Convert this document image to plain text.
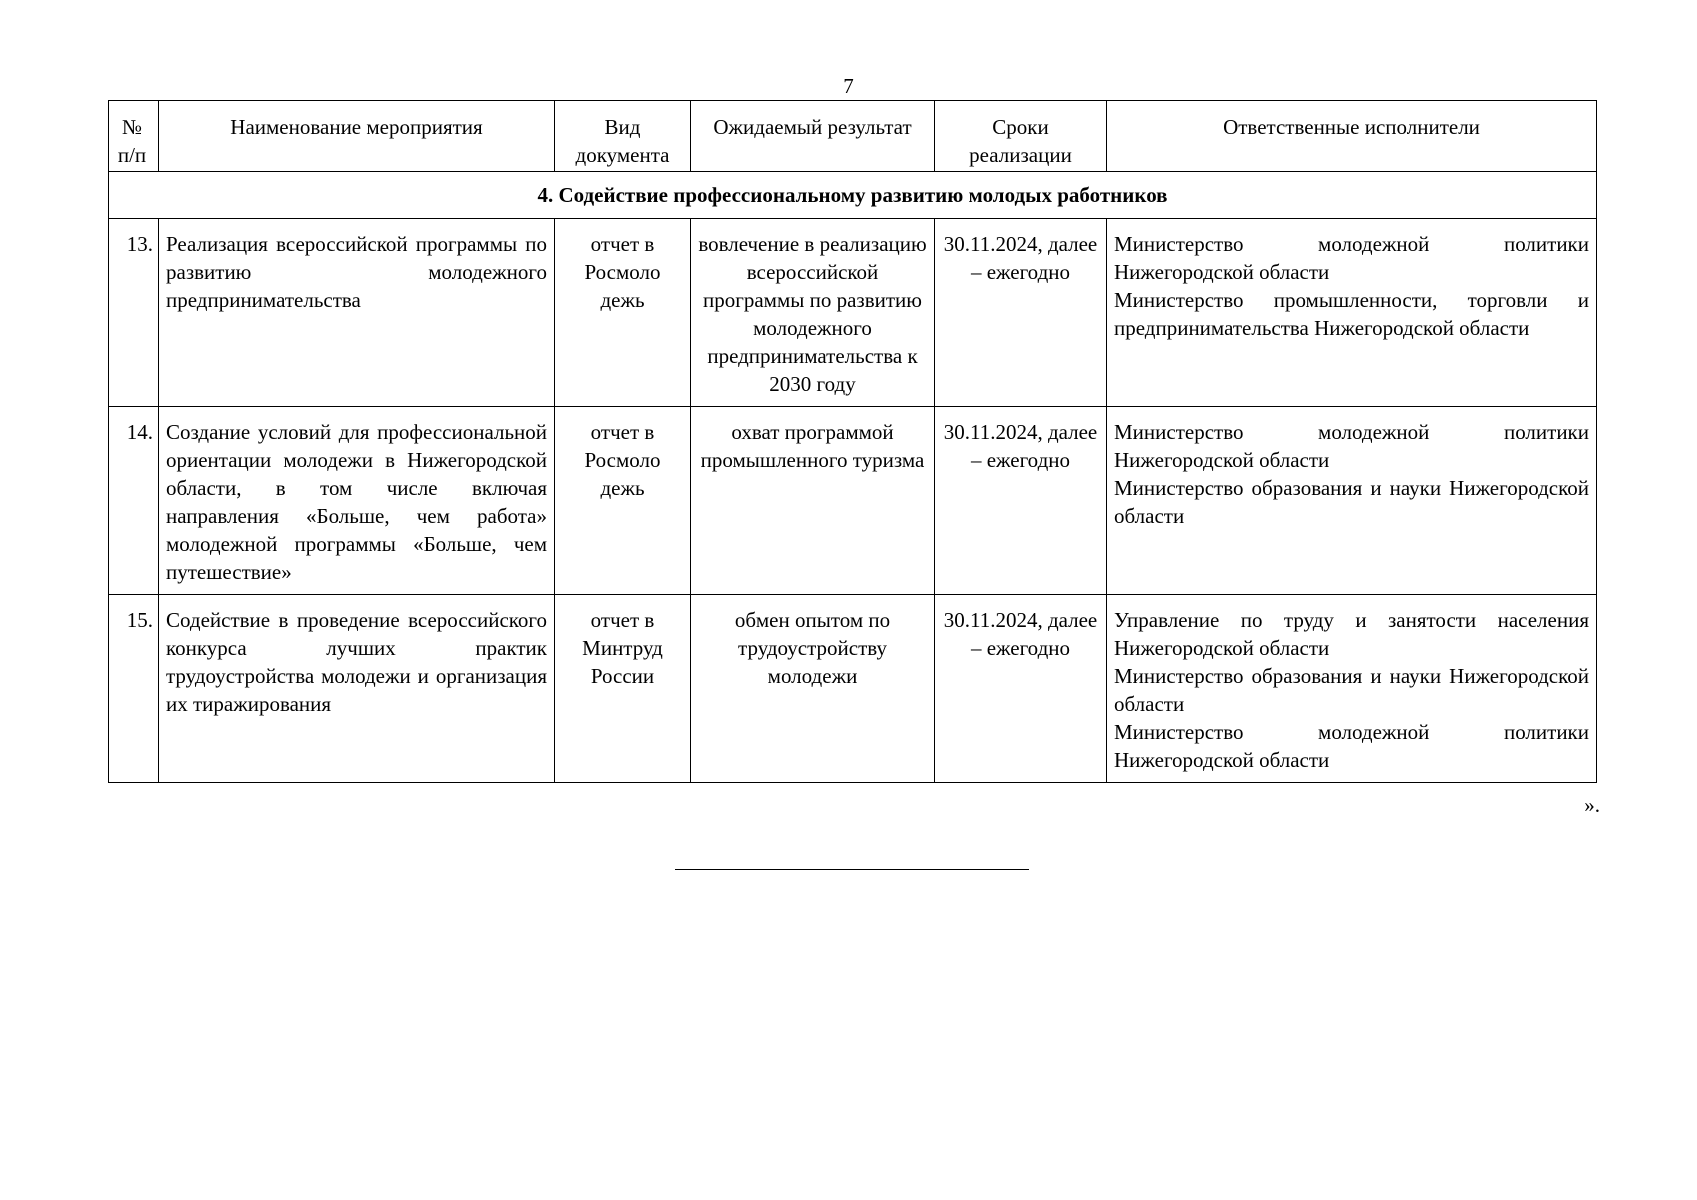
7
№ п/п	Наименование мероприятия	Вид документа	Ожидаемый результат	Сроки реализации	Ответственные исполнители
4. Содействие профессиональному развитию молодых работников					
13.	Реализация всероссийской программы по развитию молодежного предпринимательства	отчет в Росмоло дежь	вовлечение в реализацию всероссийской программы по развитию молодежного предпринимательства к 2030 году	30.11.2024, далее – ежегодно	Министерство молодежной политики Нижегородской области
Министерство промышленности, торговли и предпринимательства Нижегородской области

14.	Создание условий для профессиональной ориентации молодежи в Нижегородской области, в том числе включая направления «Больше, чем работа» молодежной программы «Больше, чем путешествие»	отчет в Росмоло дежь	охват программой промышленного туризма	30.11.2024, далее – ежегодно	Министерство молодежной политики Нижегородской области
Министерство образования и науки Нижегородской области

15.	Содействие в проведение всероссийского конкурса лучших практик трудоустройства молодежи и организация их тиражирования	отчет в Минтруд России	обмен опытом по трудоустройству молодежи	30.11.2024, далее – ежегодно	Управление по труду и занятости населения Нижегородской области
Министерство образования и науки Нижегородской области
Министерство молодежной политики Нижегородской области
».
